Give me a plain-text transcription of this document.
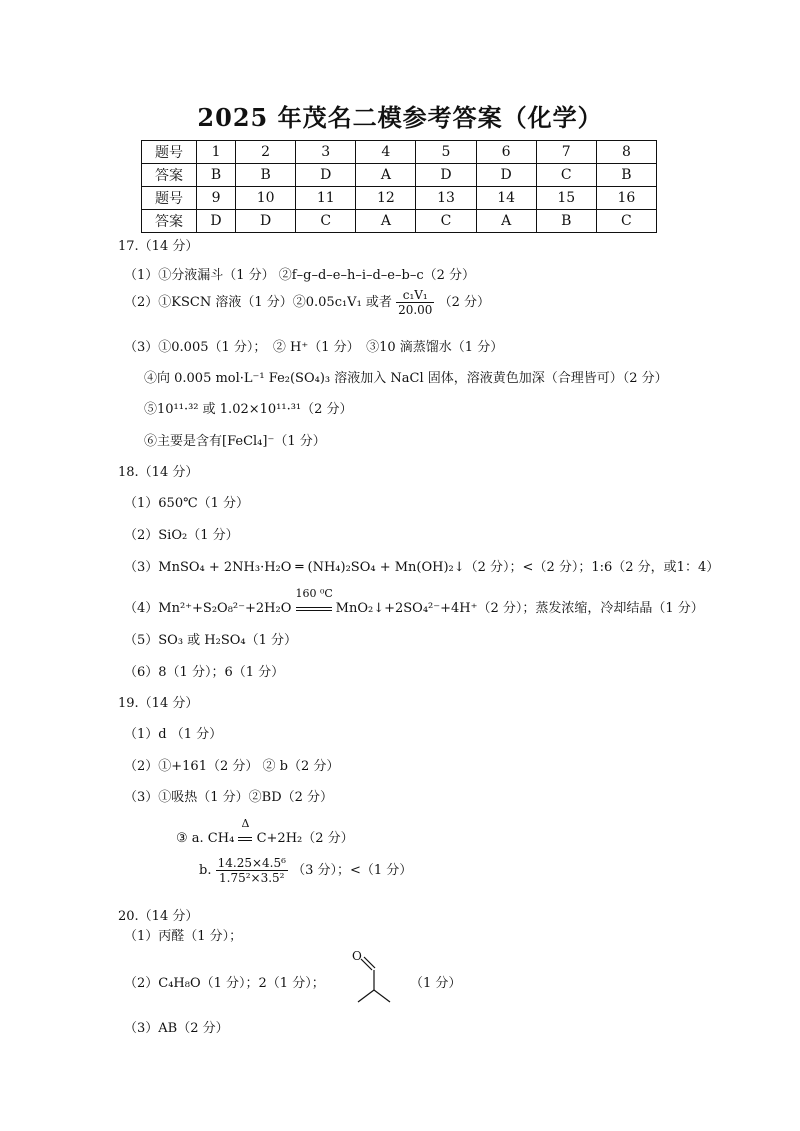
2025 年茂名二模参考答案（化学）
题号	1	2	3	4	5	6	7	8
答案	B	B	D	A	D	D	C	B
题号	9	10	11	12	13	14	15	16
答案	D	D	C	A	C	A	B	C
17.（14 分）
（1）①分液漏斗（1 分） ②f–g–d–e–h–i–d–e–b–c（2 分）
（2）①KSCN 溶液（1 分）②0.05c₁V₁ 或者 $\frac{\text{c₁V₁}}{20.00} (2$ 分）
（3）①0.005（1 分）；　② H⁺（1 分）　③10 滴蒸馏水（1 分）
④向 0.005 mol·L⁻¹ Fe₂(SO₄)₃ 溶液加入 NaCl 固体，溶液黄色加深（合理皆可）（2 分）
⑤10¹¹·³² 或 1.02×10¹¹·³¹（2 分）
⑥主要是含有[FeCl₄]⁻（1 分）
18.（14 分）
（1）650℃（1 分）
（2）SiO₂（1 分）
（3）MnSO₄ + 2NH₃·H₂O ═ (NH₄)₂SO₄ + Mn(OH)₂↓（2 分）；<（2 分）；1:6（2 分，或1：4）
（4）Mn²⁺+S₂O₈²⁻+2H₂O
160 ⁰C
MnO₂↓+2SO₄²⁻+4H⁺（2 分）；蒸发浓缩，冷却结晶（1 分）
（5）SO₃ 或 H₂SO₄（1 分）
（6）8（1 分）；6（1 分）
19.（14 分）
（1）d （1 分）
（2）①+161（2 分） ② b（2 分）
（3）①吸热（1 分）②BD（2 分）
③ a. CH₄
Δ
C+2H₂（2 分）
b. $\frac{\text{14.25×4.5⁶}}{\text{1.75²×3.5²}} (3$ 分）；<（1 分）
20.（14 分）
（1）丙醛（1 分）；
（2）C₄H₈O（1 分）；2（1 分）；
O
（1 分）
（3）AB（2 分）
